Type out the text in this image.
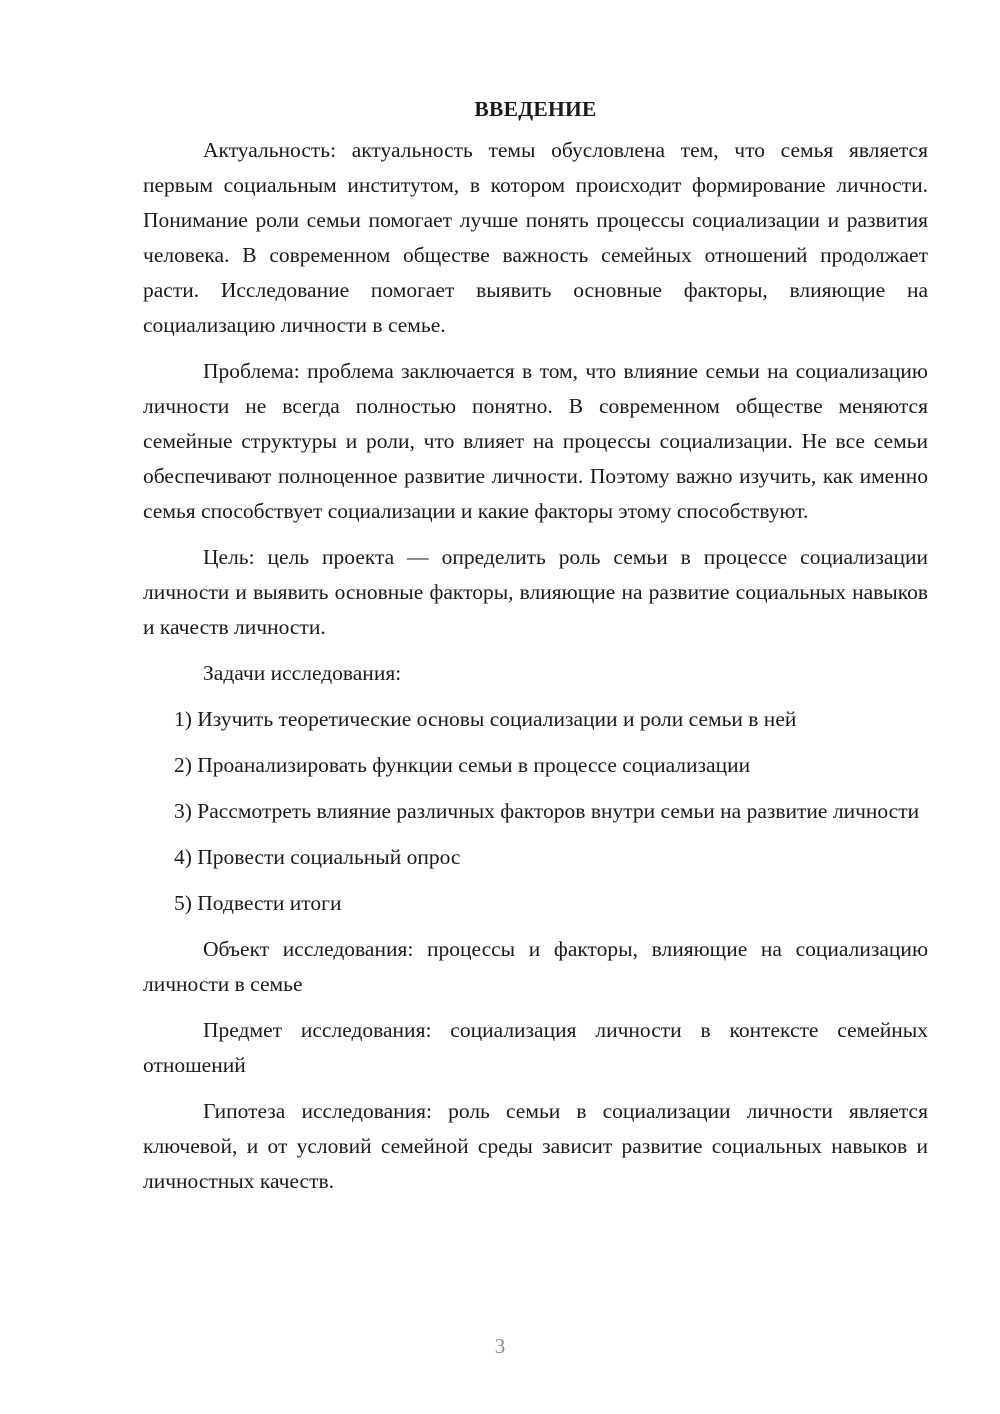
ВВЕДЕНИЕ

Актуальность: актуальность темы обусловлена тем, что семья является первым социальным институтом, в котором происходит формирование личности. Понимание роли семьи помогает лучше понять процессы социализации и развития человека. В современном обществе важность семейных отношений продолжает расти. Исследование помогает выявить основные факторы, влияющие на социализацию личности в семье.

Проблема: проблема заключается в том, что влияние семьи на социализацию личности не всегда полностью понятно. В современном обществе меняются семейные структуры и роли, что влияет на процессы социализации. Не все семьи обеспечивают полноценное развитие личности. Поэтому важно изучить, как именно семья способствует социализации и какие факторы этому способствуют.

Цель: цель проекта — определить роль семьи в процессе социализации личности и выявить основные факторы, влияющие на развитие социальных навыков и качеств личности.

Задачи исследования:

1) Изучить теоретические основы социализации и роли семьи в ней

2) Проанализировать функции семьи в процессе социализации

3) Рассмотреть влияние различных факторов внутри семьи на развитие личности

4) Провести социальный опрос

5) Подвести итоги

Объект исследования: процессы и факторы, влияющие на социализацию личности в семье

Предмет исследования: социализация личности в контексте семейных отношений

Гипотеза исследования: роль семьи в социализации личности является ключевой, и от условий семейной среды зависит развитие социальных навыков и личностных качеств.

3
